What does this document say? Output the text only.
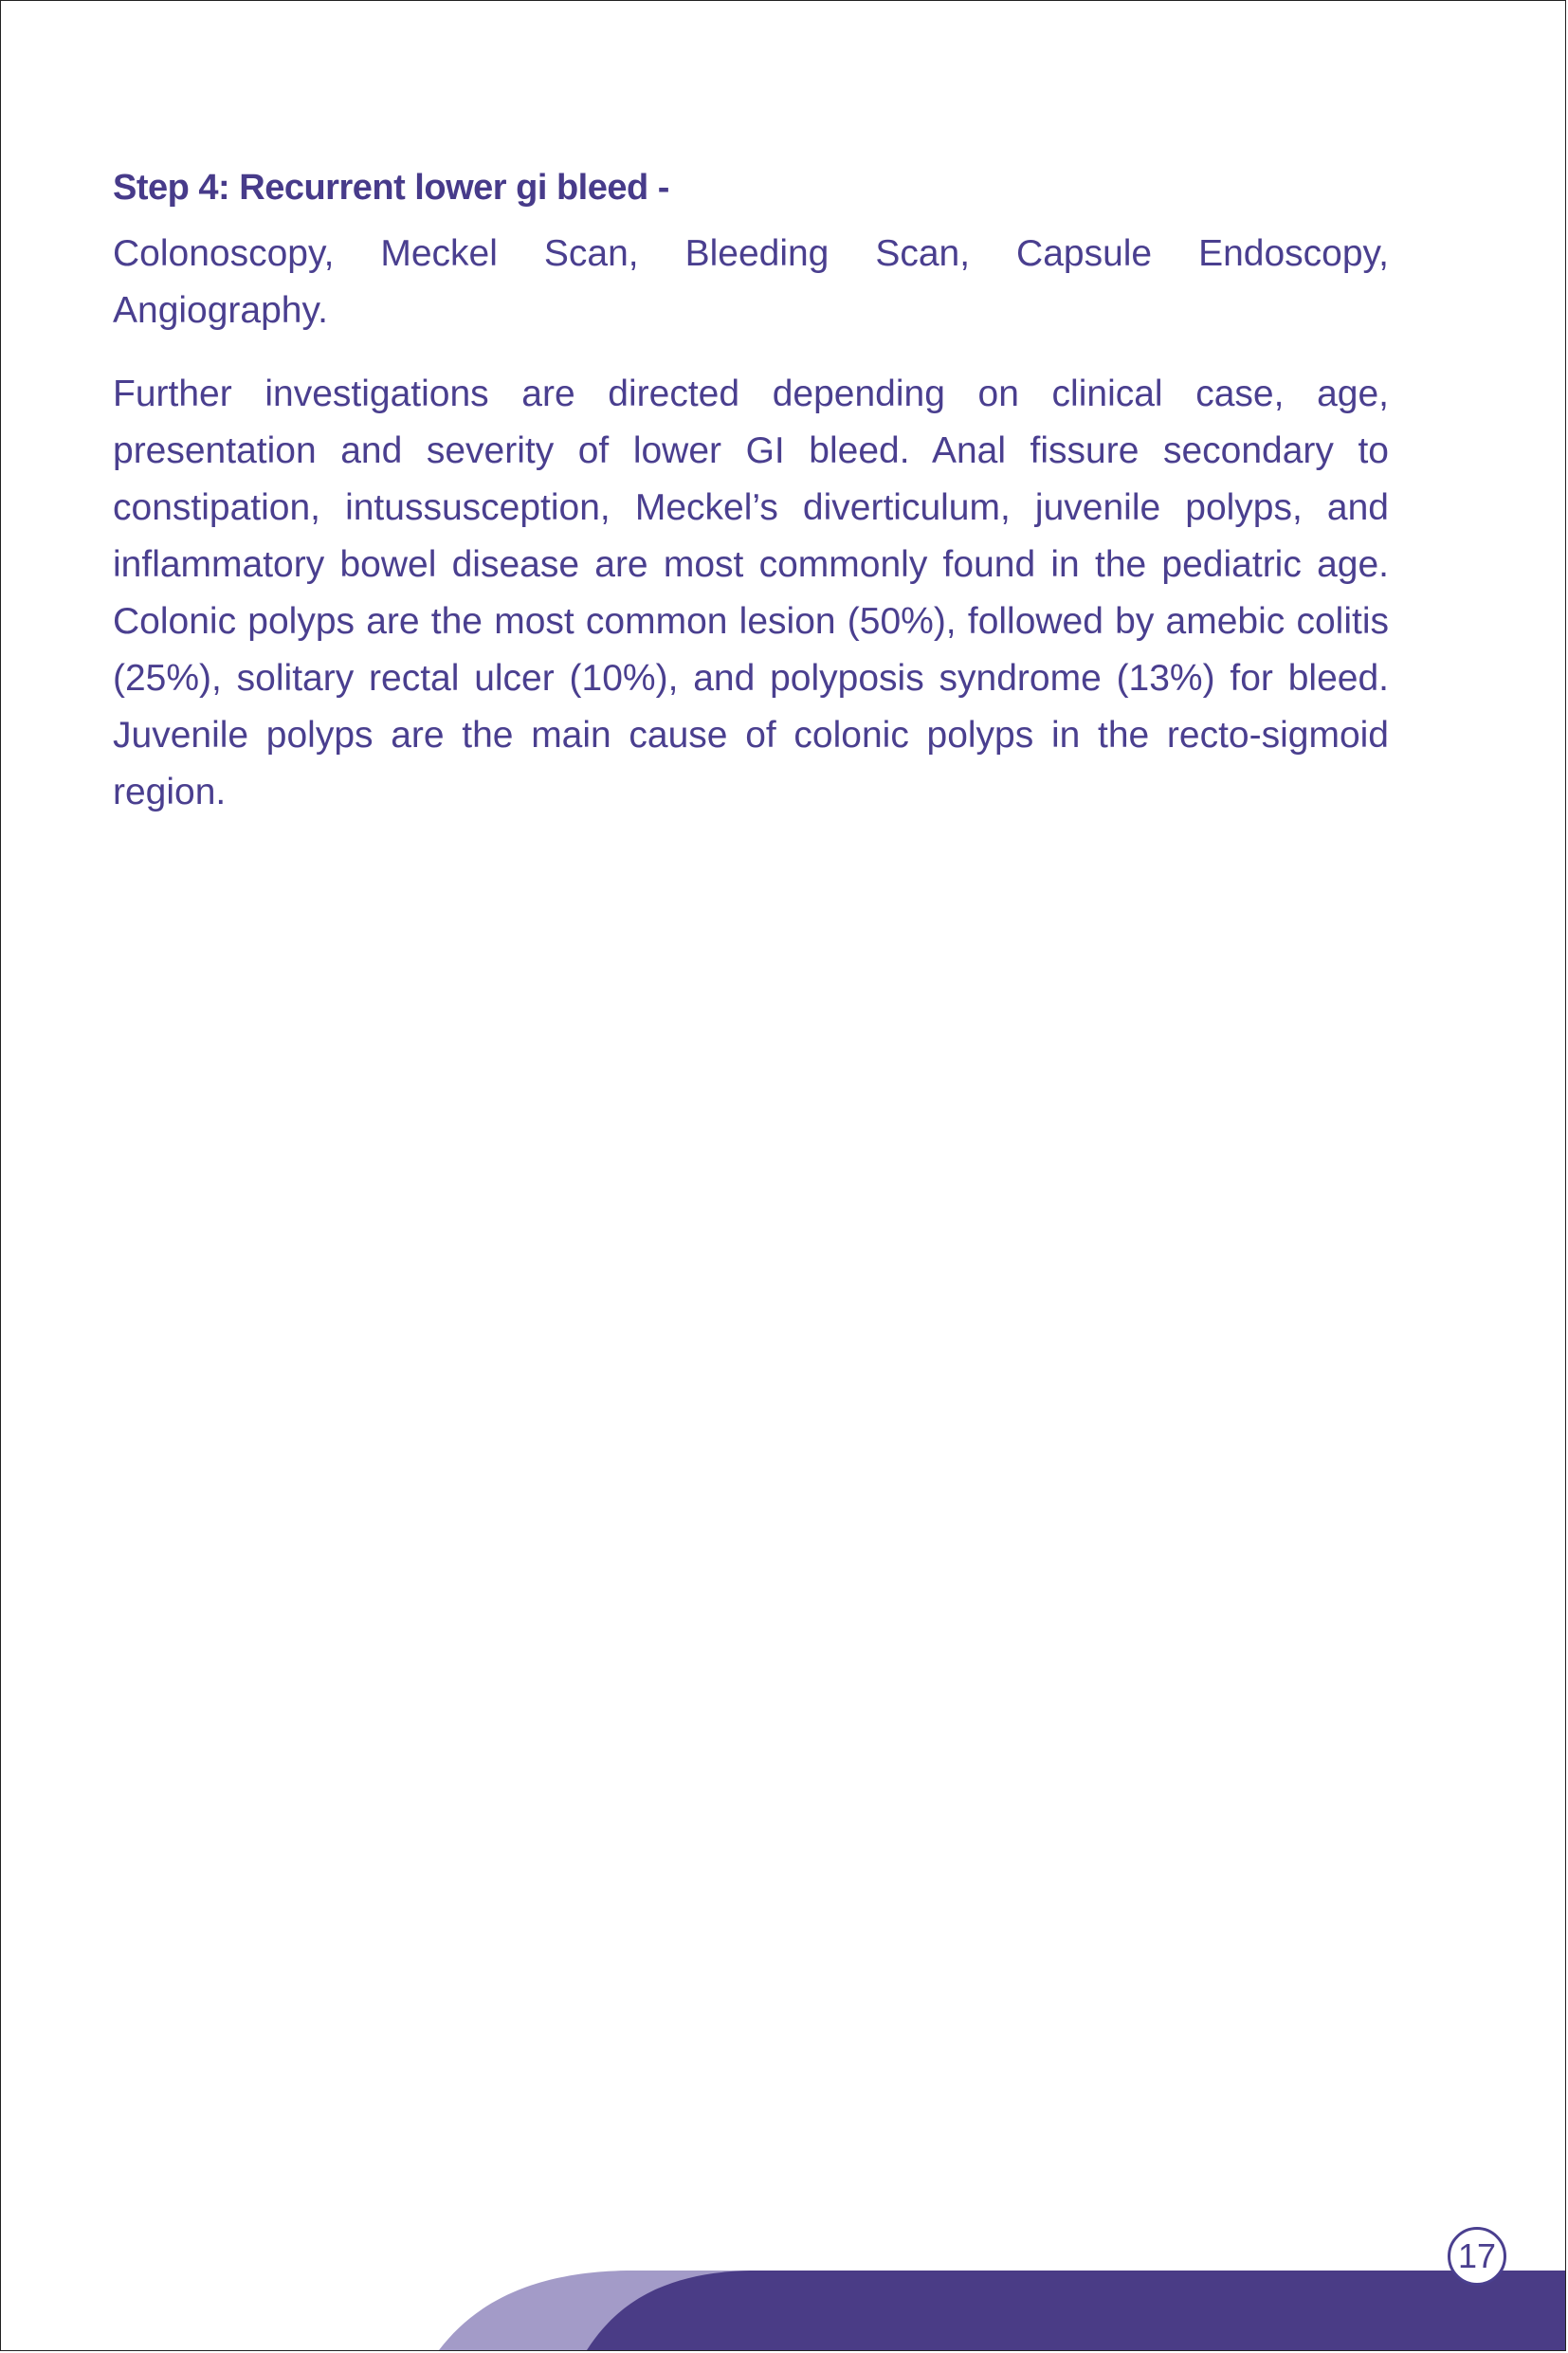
Step 4: Recurrent lower gi bleed -

Colonoscopy, Meckel Scan, Bleeding Scan, Capsule Endoscopy, Angiography.

Further investigations are directed depending on clinical case, age, presentation and severity of lower GI bleed. Anal fissure secondary to constipation, intussusception, Meckel’s diverticulum, juvenile polyps, and inflammatory bowel disease are most commonly found in the pediatric age. Colonic polyps are the most common lesion (50%), followed by amebic colitis (25%), solitary rectal ulcer (10%), and polyposis syndrome (13%) for bleed. Juvenile polyps are the main cause of colonic polyps in the recto-sigmoid region.

17
